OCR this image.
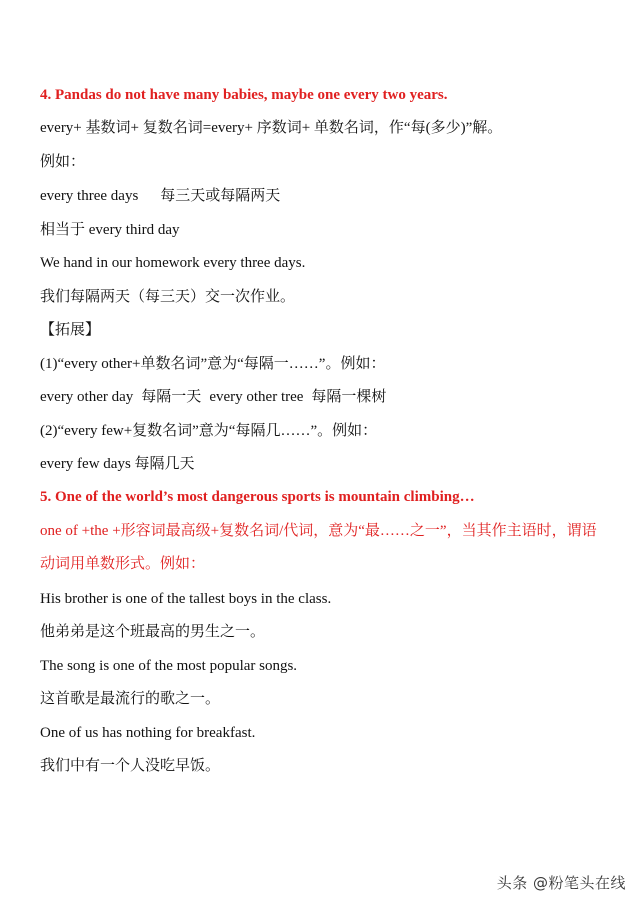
4. Pandas do not have many babies, maybe one every two years.
every+ 基数词+ 复数名词=every+ 序数词+ 单数名词，作“每(多少)”解。
例如：
every three days 每三天或每隔两天
相当于 every third day
We hand in our homework every three days.
我们每隔两天（每三天）交一次作业。
【拓展】
(1)“every other+单数名词”意为“每隔一……”。例如：
every other day 每隔一天 every other tree 每隔一棵树
(2)“every few+复数名词”意为“每隔几……”。例如：
every few days 每隔几天
5. One of the world’s most dangerous sports is mountain climbing…
one of +the +形容词最高级+复数名词/代词，意为“最……之一”，当其作主语时，谓语
动词用单数形式。例如：
His brother is one of the tallest boys in the class.
他弟弟是这个班最高的男生之一。
The song is one of the most popular songs.
这首歌是最流行的歌之一。
One of us has nothing for breakfast.
我们中有一个人没吃早饭。
头条 @粉笔头在线
